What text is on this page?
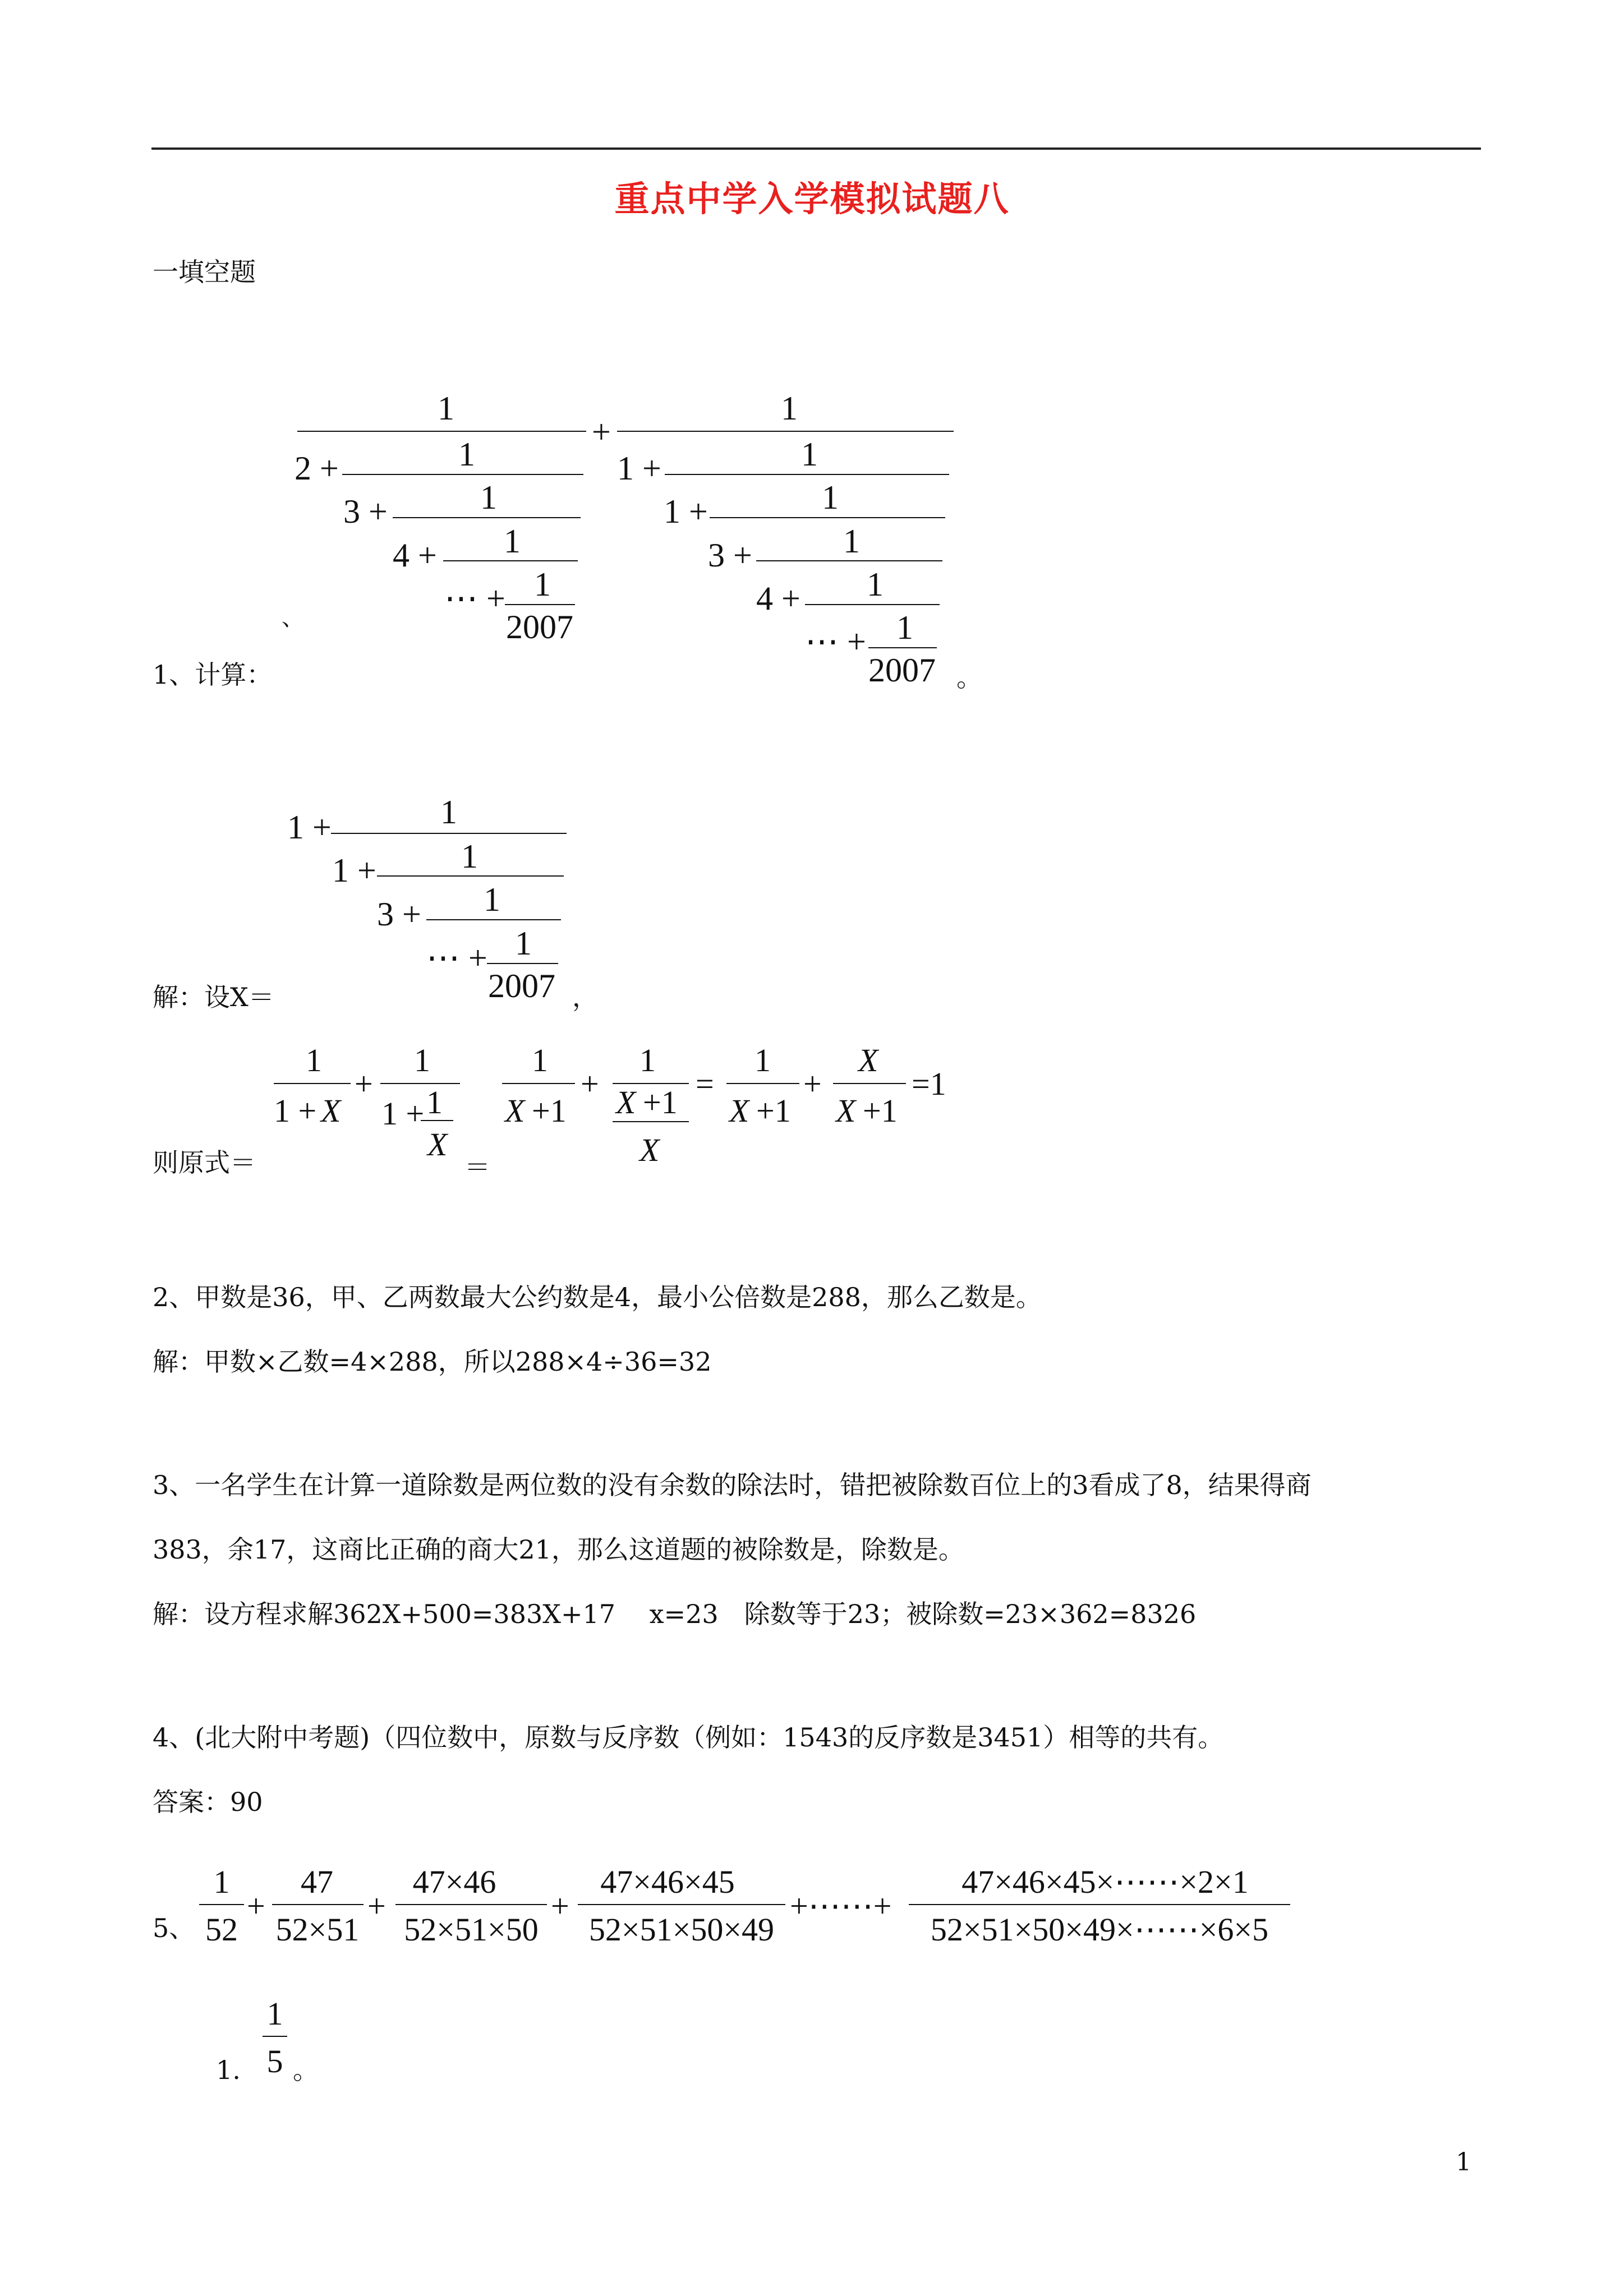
重点中学入学模拟试题八
一填空题
1
2 +	1
3 +	1
4 + 1
⋯ + 1
2007
+
1
1 +	1
1 +	1
3 +	1
4 + 1
⋯ + 1
2007
、
1、计算：	。
1 +	1
1 +	1
3 + 1
⋯ + 1
2007
解：设X＝	，
1
1 + X
+
1
1 + 1
X
1
X +1
+
1
X +1
X
=
1
X +1
+
X
X +1
=1
则原式＝	＝
2、甲数是36，甲、乙两数最大公约数是4，最小公倍数是288，那么乙数是。
解：甲数×乙数=4×288，所以288×4÷36=32
3、一名学生在计算一道除数是两位数的没有余数的除法时，错把被除数百位上的3看成了8，结果得商
383，余17，这商比正确的商大21，那么这道题的被除数是，除数是。
解：设方程求解362X+500=383X+17　 x=23　除数等于23；被除数=23×362=8326
4、(北大附中考题)（四位数中，原数与反序数（例如：1543的反序数是3451）相等的共有。
答案：90
5、
1
52
+
47
52×51
+
47×46
52×51×50
+
47×46×45
52×51×50×49
+⋯⋯+
47×46×45×⋯⋯×2×1
52×51×50×49×⋯⋯×6×5
1.
1
5 。
1
